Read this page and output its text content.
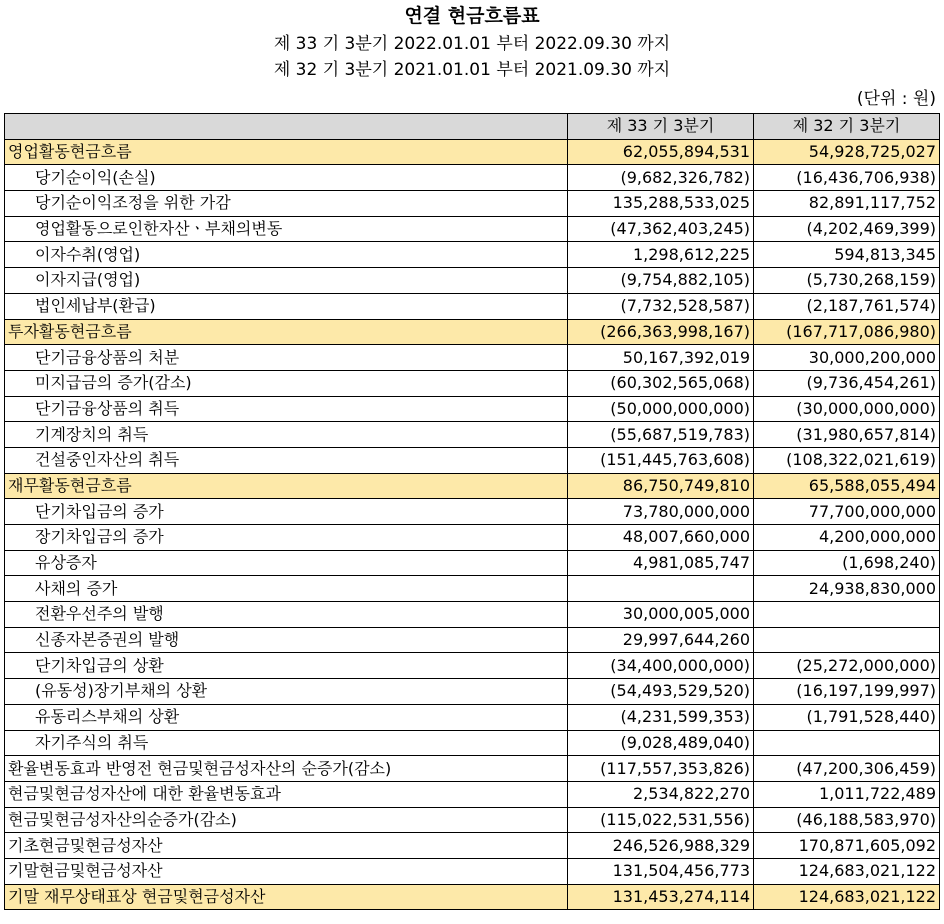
연결 현금흐름표
제 33 기 3분기 2022.01.01 부터 2022.09.30 까지
제 32 기 3분기 2021.01.01 부터 2021.09.30 까지
(단위 : 원)
	제 33 기 3분기	제 32 기 3분기
영업활동현금흐름	62,055,894,531	54,928,725,027
당기순이익(손실)	(9,682,326,782)	(16,436,706,938)
당기순이익조정을 위한 가감	135,288,533,025	82,891,117,752
영업활동으로인한자산ㆍ부채의변동	(47,362,403,245)	(4,202,469,399)
이자수취(영업)	1,298,612,225	594,813,345
이자지급(영업)	(9,754,882,105)	(5,730,268,159)
법인세납부(환급)	(7,732,528,587)	(2,187,761,574)
투자활동현금흐름	(266,363,998,167)	(167,717,086,980)
단기금융상품의 처분	50,167,392,019	30,000,200,000
미지급금의 증가(감소)	(60,302,565,068)	(9,736,454,261)
단기금융상품의 취득	(50,000,000,000)	(30,000,000,000)
기계장치의 취득	(55,687,519,783)	(31,980,657,814)
건설중인자산의 취득	(151,445,763,608)	(108,322,021,619)
재무활동현금흐름	86,750,749,810	65,588,055,494
단기차입금의 증가	73,780,000,000	77,700,000,000
장기차입금의 증가	48,007,660,000	4,200,000,000
유상증자	4,981,085,747	(1,698,240)
사채의 증가		24,938,830,000
전환우선주의 발행	30,000,005,000	
신종자본증권의 발행	29,997,644,260	
단기차입금의 상환	(34,400,000,000)	(25,272,000,000)
(유동성)장기부채의 상환	(54,493,529,520)	(16,197,199,997)
유동리스부채의 상환	(4,231,599,353)	(1,791,528,440)
자기주식의 취득	(9,028,489,040)	
환율변동효과 반영전 현금및현금성자산의 순증가(감소)	(117,557,353,826)	(47,200,306,459)
현금및현금성자산에 대한 환율변동효과	2,534,822,270	1,011,722,489
현금및현금성자산의순증가(감소)	(115,022,531,556)	(46,188,583,970)
기초현금및현금성자산	246,526,988,329	170,871,605,092
기말현금및현금성자산	131,504,456,773	124,683,021,122
기말 재무상태표상 현금및현금성자산	131,453,274,114	124,683,021,122
